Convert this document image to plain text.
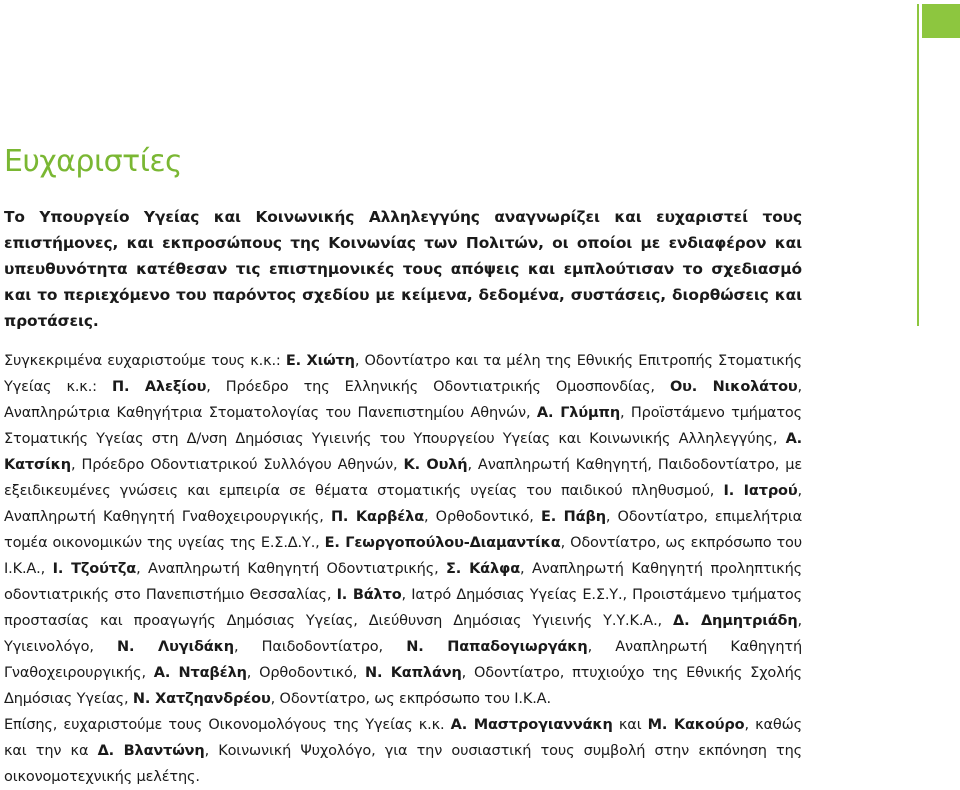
Ευχαριστίες

Το Υπουργείο Υγείας και Κοινωνικής Αλληλεγγύης αναγνωρίζει και ευχαριστεί τους επιστήμονες, και εκπροσώπους της Κοινωνίας των Πολιτών, οι οποίοι με ενδιαφέρον και υπευθυνότητα κατέθεσαν τις επιστημονικές τους απόψεις και εμπλούτισαν το σχεδιασμό και το περιεχόμενο του παρόντος σχεδίου με κείμενα, δεδομένα, συστάσεις, διορθώσεις και προτάσεις.

Συγκεκριμένα ευχαριστούμε τους κ.κ.: Ε. Χιώτη, Οδοντίατρο και τα μέλη της Εθνικής Επιτροπής Στοματικής Υγείας κ.κ.: Π. Αλεξίου, Πρόεδρο της Ελληνικής Οδοντιατρικής Ομοσπονδίας, Ου. Νικολάτου, Αναπληρώτρια Καθηγήτρια Στοματολογίας του Πανεπιστημίου Αθηνών, Α. Γλύμπη, Προϊστάμενο τμήματος Στοματικής Υγείας στη Δ/νση Δημόσιας Υγιεινής του Υπουργείου Υγείας και Κοινωνικής Αλληλεγγύης, Α. Κατσίκη, Πρόεδρο Οδοντιατρικού Συλλόγου Αθηνών, Κ. Ουλή, Αναπληρωτή Καθηγητή, Παιδοδοντίατρο, με εξειδικευμένες γνώσεις και εμπειρία σε θέματα στοματικής υγείας του παιδικού πληθυσμού, Ι. Ιατρού, Αναπληρωτή Καθηγητή Γναθοχειρουργικής, Π. Καρβέλα, Ορθοδοντικό, Ε. Πάβη, Οδοντίατρο, επιμελήτρια τομέα οικονομικών της υγείας της Ε.Σ.Δ.Υ., Ε. Γεωργοπούλου-Διαμαντίκα, Οδοντίατρο, ως εκπρόσωπο του Ι.Κ.Α., Ι. Τζούτζα, Αναπληρωτή Καθηγητή Οδοντιατρικής, Σ. Κάλφα, Αναπληρωτή Καθηγητή προληπτικής οδοντιατρικής στο Πανεπιστήμιο Θεσσαλίας, Ι. Βάλτο, Ιατρό Δημόσιας Υγείας Ε.Σ.Υ., Προιστάμενο τμήματος προστασίας και προαγωγής Δημόσιας Υγείας, Διεύθυνση Δημόσιας Υγιεινής Υ.Υ.Κ.Α., Δ. Δημητριάδη, Υγιεινολόγο, Ν. Λυγιδάκη, Παιδοδοντίατρο, Ν. Παπαδογιωργάκη, Αναπληρωτή Καθηγητή Γναθοχειρουργικής, Α. Νταβέλη, Ορθοδοντικό, Ν. Καπλάνη, Οδοντίατρο, πτυχιούχο της Εθνικής Σχολής Δημόσιας Υγείας, Ν. Χατζηανδρέου, Οδοντίατρο, ως εκπρόσωπο του Ι.Κ.Α.

Επίσης, ευχαριστούμε τους Οικονομολόγους της Υγείας κ.κ. Α. Μαστρογιαννάκη και Μ. Κακούρο, καθώς και την κα Δ. Βλαντώνη, Κοινωνική Ψυχολόγο, για την ουσιαστική τους συμβολή στην εκπόνηση της οικονομοτεχνικής μελέτης.
